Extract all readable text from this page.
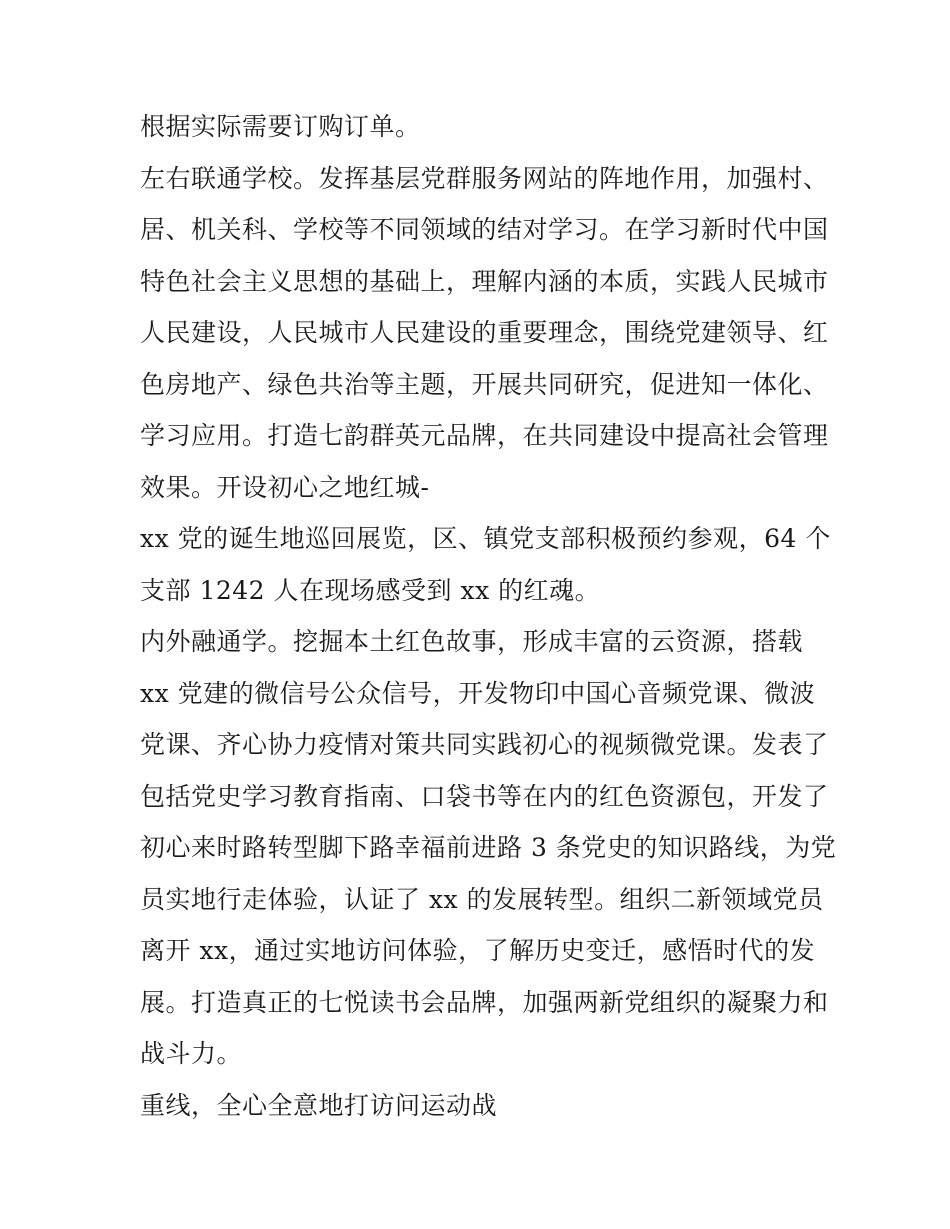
根据实际需要订购订单。
左右联通学校。发挥基层党群服务网站的阵地作用，加强村、
居、机关科、学校等不同领域的结对学习。在学习新时代中国
特色社会主义思想的基础上，理解内涵的本质，实践人民城市
人民建设，人民城市人民建设的重要理念，围绕党建领导、红
色房地产、绿色共治等主题，开展共同研究，促进知一体化、
学习应用。打造七韵群英元品牌，在共同建设中提高社会管理
效果。开设初心之地红城-
xx 党的诞生地巡回展览，区、镇党支部积极预约参观，64 个
支部 1242 人在现场感受到 xx 的红魂。
内外融通学。挖掘本土红色故事，形成丰富的云资源，搭载
xx 党建的微信号公众信号，开发物印中国心音频党课、微波
党课、齐心协力疫情对策共同实践初心的视频微党课。发表了
包括党史学习教育指南、口袋书等在内的红色资源包，开发了
初心来时路转型脚下路幸福前进路 3 条党史的知识路线，为党
员实地行走体验，认证了 xx 的发展转型。组织二新领域党员
离开 xx，通过实地访问体验，了解历史变迁，感悟时代的发
展。打造真正的七悦读书会品牌，加强两新党组织的凝聚力和
战斗力。
重线，全心全意地打访问运动战
